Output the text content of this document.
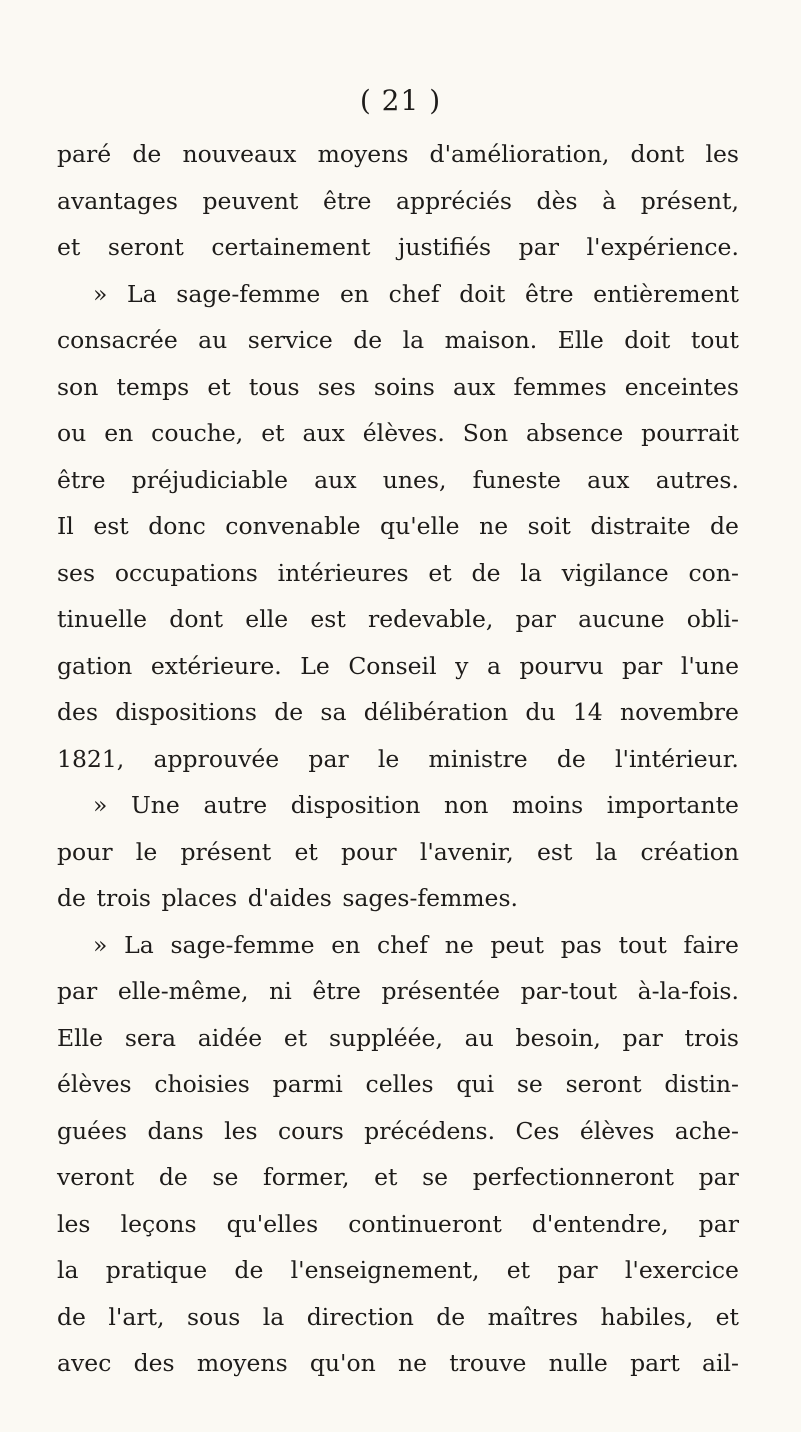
( 21 )
paré de nouveaux moyens d'amélioration, dont les
avantages peuvent être appréciés dès à présent,
et seront certainement justifiés par l'expérience.
» La sage-femme en chef doit être entièrement
consacrée au service de la maison. Elle doit tout
son temps et tous ses soins aux femmes enceintes
ou en couche, et aux élèves. Son absence pourrait
être préjudiciable aux unes, funeste aux autres.
Il est donc convenable qu'elle ne soit distraite de
ses occupations intérieures et de la vigilance con-
tinuelle dont elle est redevable, par aucune obli-
gation extérieure. Le Conseil y a pourvu par l'une
des dispositions de sa délibération du 14 novembre
1821, approuvée par le ministre de l'intérieur.
» Une autre disposition non moins importante
pour le présent et pour l'avenir, est la création
de trois places d'aides sages-femmes.
» La sage-femme en chef ne peut pas tout faire
par elle-même, ni être présentée par-tout à-la-fois.
Elle sera aidée et suppléée, au besoin, par trois
élèves choisies parmi celles qui se seront distin-
guées dans les cours précédens. Ces élèves ache-
veront de se former, et se perfectionneront par
les leçons qu'elles continueront d'entendre, par
la pratique de l'enseignement, et par l'exercice
de l'art, sous la direction de maîtres habiles, et
avec des moyens qu'on ne trouve nulle part ail-
